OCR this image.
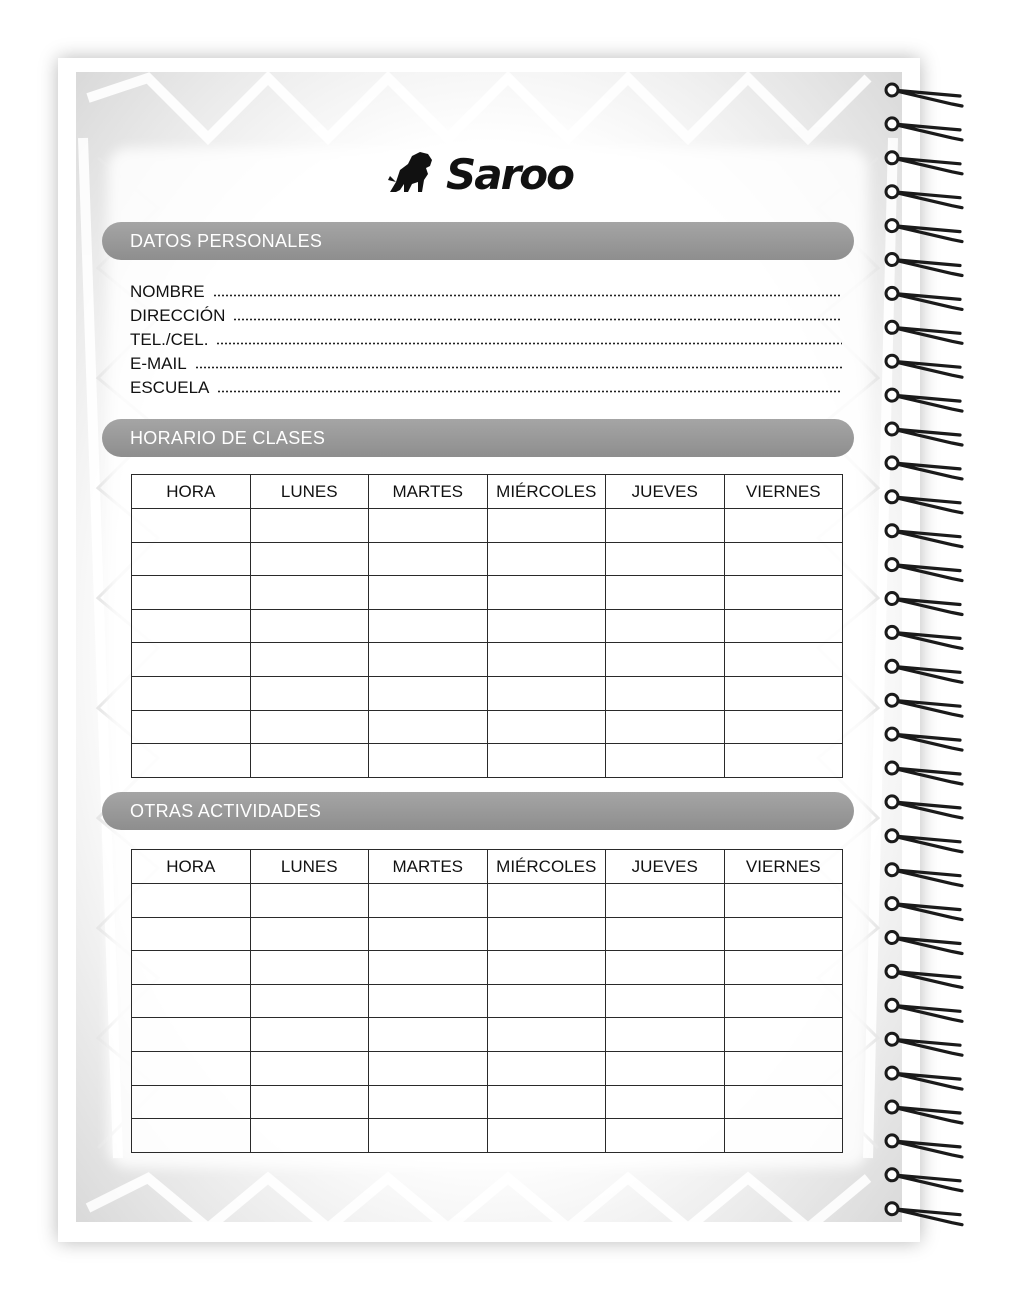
Saroo
DATOS PERSONALES
NOMBRE
DIRECCIÓN
TEL./CEL.
E-MAIL
ESCUELA
HORARIO DE CLASES
HORA	LUNES	MARTES	MIÉRCOLES	JUEVES	VIERNES

OTRAS ACTIVIDADES
HORA	LUNES	MARTES	MIÉRCOLES	JUEVES	VIERNES
